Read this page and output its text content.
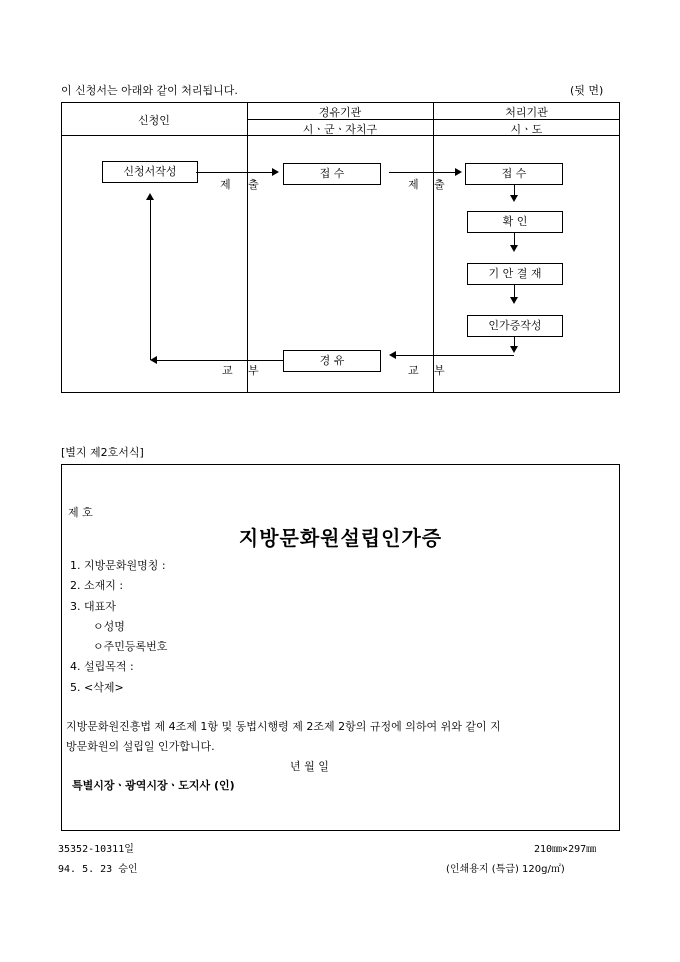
이 신청서는 아래와 같이 처리됩니다.	(뒷 면)
신청인
경유기관
시ㆍ군ㆍ자치구
처리기관
시ㆍ도
신청서작성	접 수	접 수
확 인
기 안 결 재
인가증작성
경 유
제 출	제 출
교 부
교 부
[별지 제2호서식]
제 호
지방문화원설립인가증
1. 지방문화원명칭 :
2. 소재지 :
3. 대표자
ㅇ성명
ㅇ주민등록번호
4. 설립목적 :
5. <삭제>
지방문화원진흥법 제 4조제 1항 및 동법시행령 제 2조제 2항의 규정에 의하여 위와 같이 지
방문화원의 설립일 인가합니다.
년 월 일
특별시장ㆍ광역시장ㆍ도지사 (인)
35352-10311일
94. 5. 23 승인
210㎜×297㎜
(인쇄용지 (특급) 120g/㎡)
